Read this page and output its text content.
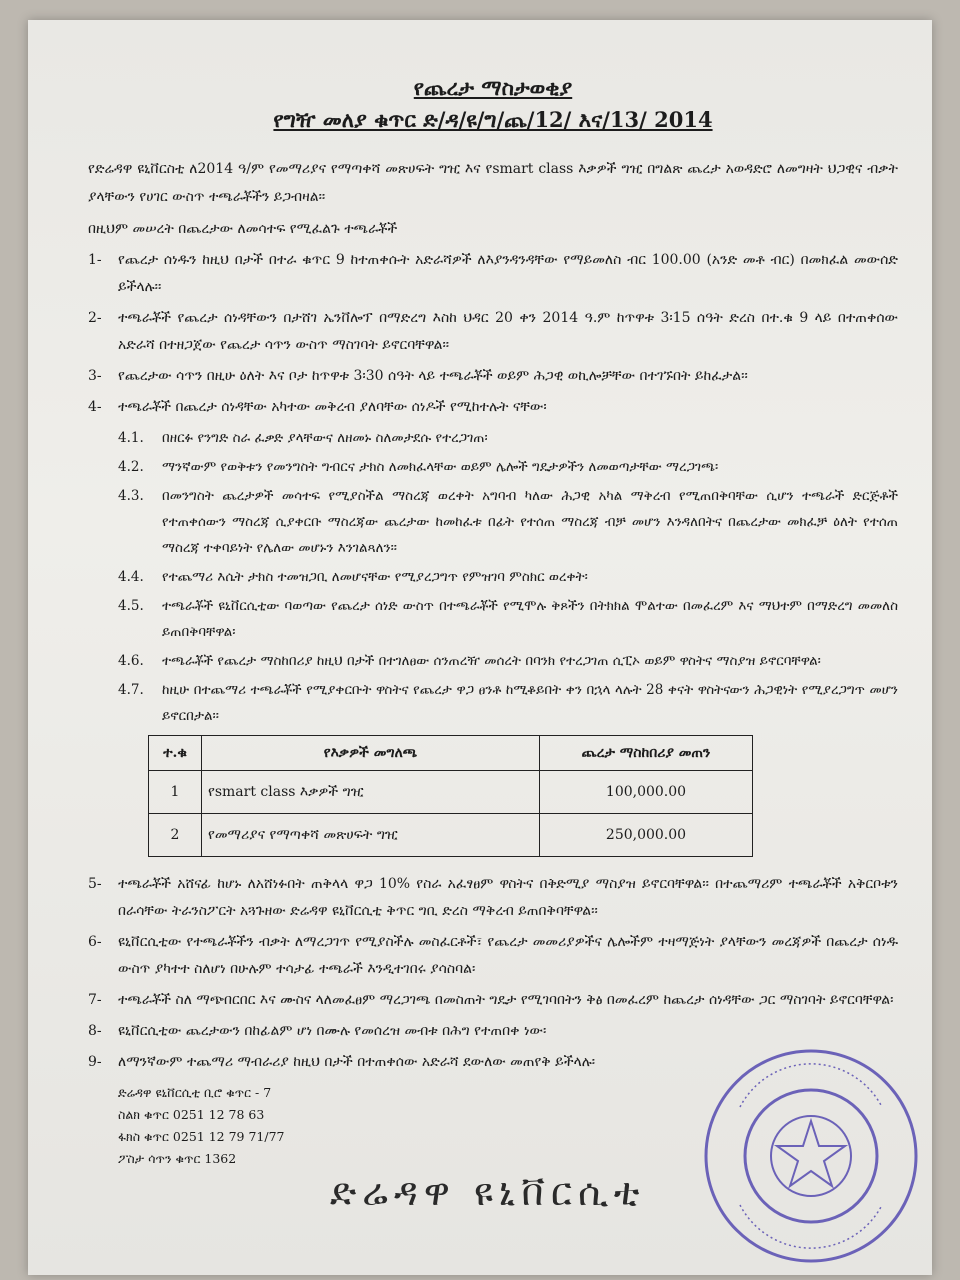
የጨረታ ማስታወቂያ
የግዥ መለያ ቁጥር ድ/ዳ/ዩ/ግ/ጨ/12/ እና/13/ 2014

የድሬዳዋ ዩኒቨርስቲ ለ2014 ዓ/ም የመማሪያና የማጣቀሻ መጽሀፍት ግዢ እና የsmart class እቃዎች ግዢ በግልጽ ጨረታ አወዳድሮ ለመግዛት ህጋዊና ብቃት ያላቸውን የሀገር ውስጥ ተጫራቾችን ይጋብዛል፡፡

በዚህም መሠረት በጨረታው ለመሳተፍ የሚፈልጉ ተጫራቾች

1-	የጨረታ ሰነዱን ከዚህ በታች በተራ ቁጥር 9 ከተጠቀሱት አድራሻዎች ለእያንዳንዳቸው የማይመለስ ብር 100.00 (አንድ መቶ ብር) በመክፈል መውሰድ ይችላሉ፡፡
2-	ተጫራቾች የጨረታ ሰነዳቸውን በታሸገ ኤንቨሎፕ በማድረግ እስከ ህዳር 20 ቀን 2014 ዓ.ም ከጥዋቱ 3፡15 ሰዓት ድረስ በተ.ቁ 9 ላይ በተጠቀሰው አድራሻ በተዘጋጀው የጨረታ ሳጥን ውስጥ ማስገባት ይኖርባቸዋል፡፡
3-	የጨረታው ሳጥን በዚሁ ዕለት እና ቦታ ከጥዋቱ 3፡30 ሰዓት ላይ ተጫራቾች ወይም ሕጋዊ ወኪሎቻቸው በተገኙበት ይከፈታል፡፡
4-	ተጫራቾች በጨረታ ሰነዳቸው አካተው መቅረብ ያለባቸው ሰነዶች የሚከተሉት ናቸው፡
4.1.	በዘርፉ የንግድ ስራ ፈቃድ ያላቸውና ለዘመኑ ስለመታደሱ የተረጋገጠ፡
4.2.	ማንኛውም የወቅቱን የመንግስት ግብርና ታክስ ለመክፈላቸው ወይም ሌሎች ግዴታዎችን ለመወጣታቸው ማረጋገጫ፡
4.3.	በመንግስት ጨረታዎች መሳተፍ የሚያስችል ማስረጃ ወረቀት አግባብ ካለው ሕጋዊ አካል ማቅረብ የሚጠበቅባቸው ሲሆን ተጫራች ድርጅቶች የተጠቀሰውን ማስረጃ ሲያቀርቡ ማስረጃው ጨረታው ከመከፈቱ በፊት የተሰጠ ማስረጃ ብቻ መሆን እንዳለበትና በጨረታው መክፈቻ ዕለት የተሰጠ ማስረጃ ተቀባይነት የሌለው መሆኑን እንገልጻለን፡፡
4.4.	የተጨማሪ እሴት ታክስ ተመዝጋቢ ለመሆናቸው የሚያረጋግጥ የምዝገባ ምስክር ወረቀት፡
4.5.	ተጫራቾች ዩኒቨርሲቲው ባወጣው የጨረታ ሰነድ ውስጥ በተጫራቾች የሚሞሉ ቅጾችን በትክክል ሞልተው በመፈረም እና ማህተም በማድረግ መመለስ ይጠበቅባቸዋል፡
4.6.	ተጫራቾች የጨረታ ማስከበሪያ ከዚህ በታች በተገለፀው ሰንጠረዥ መሰረት በባንክ የተረጋገጠ ሲፒኦ ወይም ዋስትና ማስያዝ ይኖርባቸዋል፡
4.7.	ከዚሁ በተጨማሪ ተጫራቾች የሚያቀርቡት ዋስትና የጨረታ ዋጋ ፀንቶ ከሚቆይበት ቀን በኋላ ላሉት 28 ቀናት ዋስትናውን ሕጋዊነት የሚያረጋግጥ መሆን ይኖርበታል፡፡
ተ.ቁ	የእቃዎች መግለጫ	ጨረታ ማስከበሪያ መጠን
1	የsmart class እቃዎች ግዢ	100,000.00
2	የመማሪያና የማጣቀሻ መጽሀፍት ግዢ	250,000.00
5-	ተጫራቾች አሸናፊ ከሆኑ ለአሸነፉበት ጠቅላላ ዋጋ 10% የስራ አፈፃፀም ዋስትና በቅድሚያ ማስያዝ ይኖርባቸዋል፡፡ በተጨማሪም ተጫራቾች አቅርቦቱን በራሳቸው ትራንስፖርት አጓጉዘው ድሬዳዋ ዩኒቨርሲቲ ቅጥር ግቢ ድረስ ማቅረብ ይጠበቅባቸዋል፡፡
6-	ዩኒቨርሲቲው የተጫራቾችን ብቃት ለማረጋገጥ የሚያስችሉ መስፈርቶች፣ የጨረታ መመሪያዎችና ሌሎችም ተዛማጅነት ያላቸውን መረጃዎች በጨረታ ሰነዱ ውስጥ ያካተተ ስለሆነ በሁሉም ተሳታፊ ተጫራች እንዲተገበሩ ያሳስባል፡
7-	ተጫራቾች ስለ ማጭበርበር እና ሙስና ላለመፈፀም ማረጋገጫ በመስጠት ግዴታ የሚገባበትን ቅፅ በመፈረም ከጨረታ ሰነዳቸው ጋር ማስገባት ይኖርባቸዋል፡
8-	ዩኒቨርሲቲው ጨረታውን በከፊልም ሆነ በሙሉ የመሰረዝ መብቱ በሕግ የተጠበቀ ነው፡
9-	ለማንኛውም ተጨማሪ ማብራሪያ ከዚህ በታች በተጠቀሰው አድራሻ ደውለው መጠየቅ ይችላሉ፡
ድሬዳዋ ዩኒቨርሲቲ ቢሮ ቁጥር - 7
ስልክ ቁጥር 0251 12 78 63
ፋክስ ቁጥር 0251 12 79 71/77
ፖስታ ሳጥን ቁጥር 1362
ድሬዳዋ ዩኒቨርሲቲ
